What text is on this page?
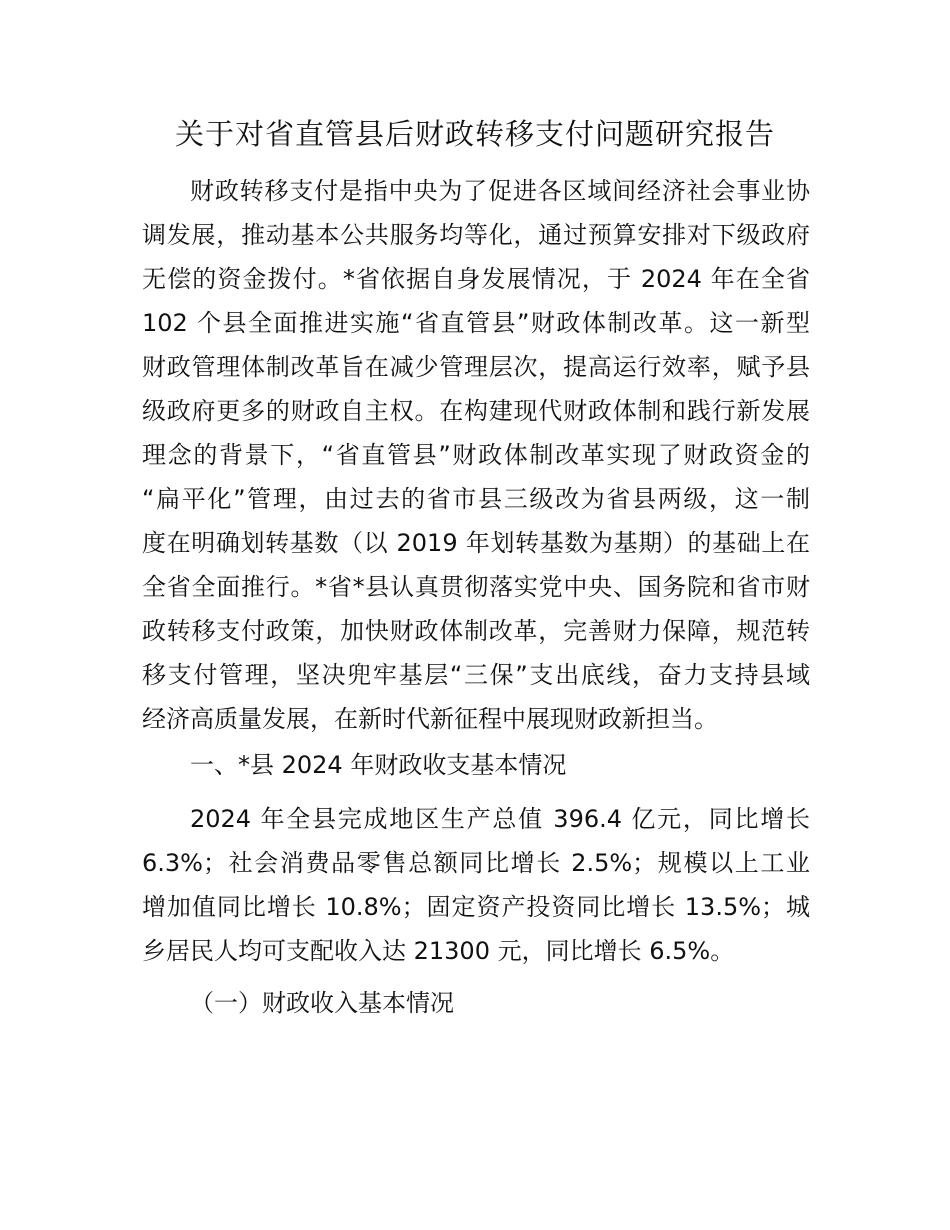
关于对省直管县后财政转移支付问题研究报告

财政转移支付是指中央为了促进各区域间经济社会事业协

调发展，推动基本公共服务均等化，通过预算安排对下级政府

无偿的资金拨付。*省依据自身发展情况，于 2024 年在全省

102 个县全面推进实施“省直管县”财政体制改革。这一新型

财政管理体制改革旨在减少管理层次，提高运行效率，赋予县

级政府更多的财政自主权。在构建现代财政体制和践行新发展

理念的背景下，“省直管县”财政体制改革实现了财政资金的

“扁平化”管理，由过去的省市县三级改为省县两级，这一制

度在明确划转基数（以 2019 年划转基数为基期）的基础上在

全省全面推行。*省*县认真贯彻落实党中央、国务院和省市财

政转移支付政策，加快财政体制改革，完善财力保障，规范转

移支付管理，坚决兜牢基层“三保”支出底线，奋力支持县域

经济高质量发展，在新时代新征程中展现财政新担当。

一、*县 2024 年财政收支基本情况

2024 年全县完成地区生产总值 396.4 亿元，同比增长

6.3%；社会消费品零售总额同比增长 2.5%；规模以上工业

增加值同比增长 10.8%；固定资产投资同比增长 13.5%；城

乡居民人均可支配收入达 21300 元，同比增长 6.5%。

（一）财政收入基本情况
